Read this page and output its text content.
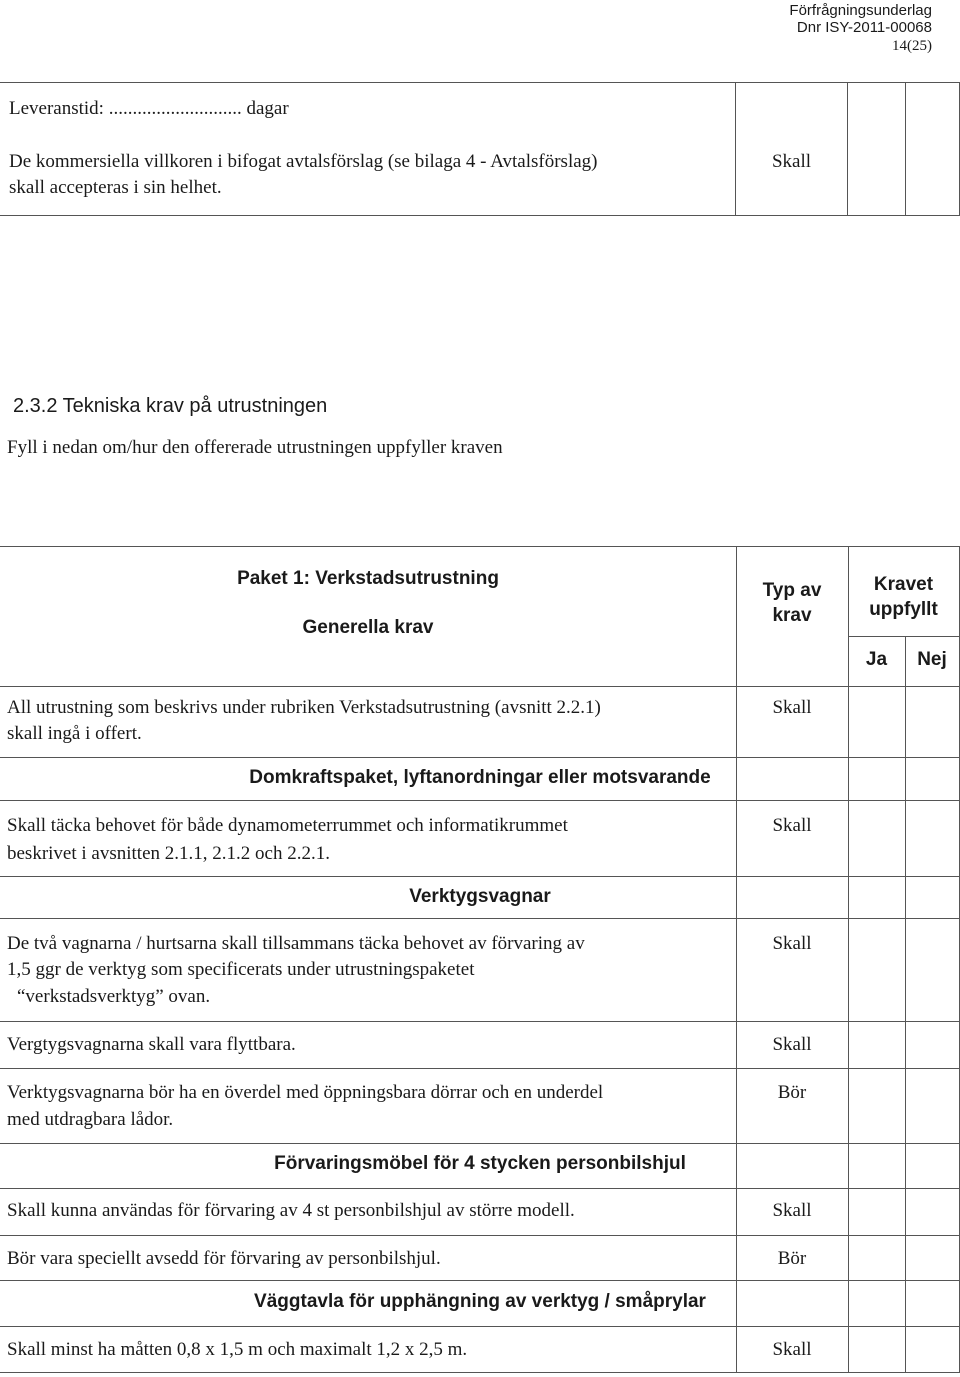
Förfrågningsunderlag
Dnr ISY-2011-00068
14(25)
Leveranstid: ............................ dagar
De kommersiella villkoren i bifogat avtalsförslag (se bilaga 4 - Avtalsförslag)
skall accepteras i sin helhet.
Skall
2.3.2 Tekniska krav på utrustningen
Fyll i nedan om/hur den offererade utrustningen uppfyller kraven
Paket 1: Verkstadsutrustning
Generella krav
Typ av
krav
Kravet
uppfyllt
Ja	Nej
All utrustning som beskrivs under rubriken Verkstadsutrustning (avsnitt 2.2.1)
skall ingå i offert.
Skall
Domkraftspaket, lyftanordningar eller motsvarande
Skall täcka behovet för både dynamometerrummet och informatikrummet
beskrivet i avsnitten 2.1.1, 2.1.2 och 2.2.1.
Skall
Verktygsvagnar
De två vagnarna / hurtsarna skall tillsammans täcka behovet av förvaring av
1,5 ggr de verktyg som specificerats under utrustningspaketet
“verkstadsverktyg” ovan.
Skall
Vergtygsvagnarna skall vara flyttbara.	Skall
Verktygsvagnarna bör ha en överdel med öppningsbara dörrar och en underdel
med utdragbara lådor.
Bör
Förvaringsmöbel för 4 stycken personbilshjul
Skall kunna användas för förvaring av 4 st personbilshjul av större modell.	Skall
Bör vara speciellt avsedd för förvaring av personbilshjul.	Bör
Väggtavla för upphängning av verktyg / småprylar
Skall minst ha måtten 0,8 x 1,5 m och maximalt 1,2 x 2,5 m.	Skall
